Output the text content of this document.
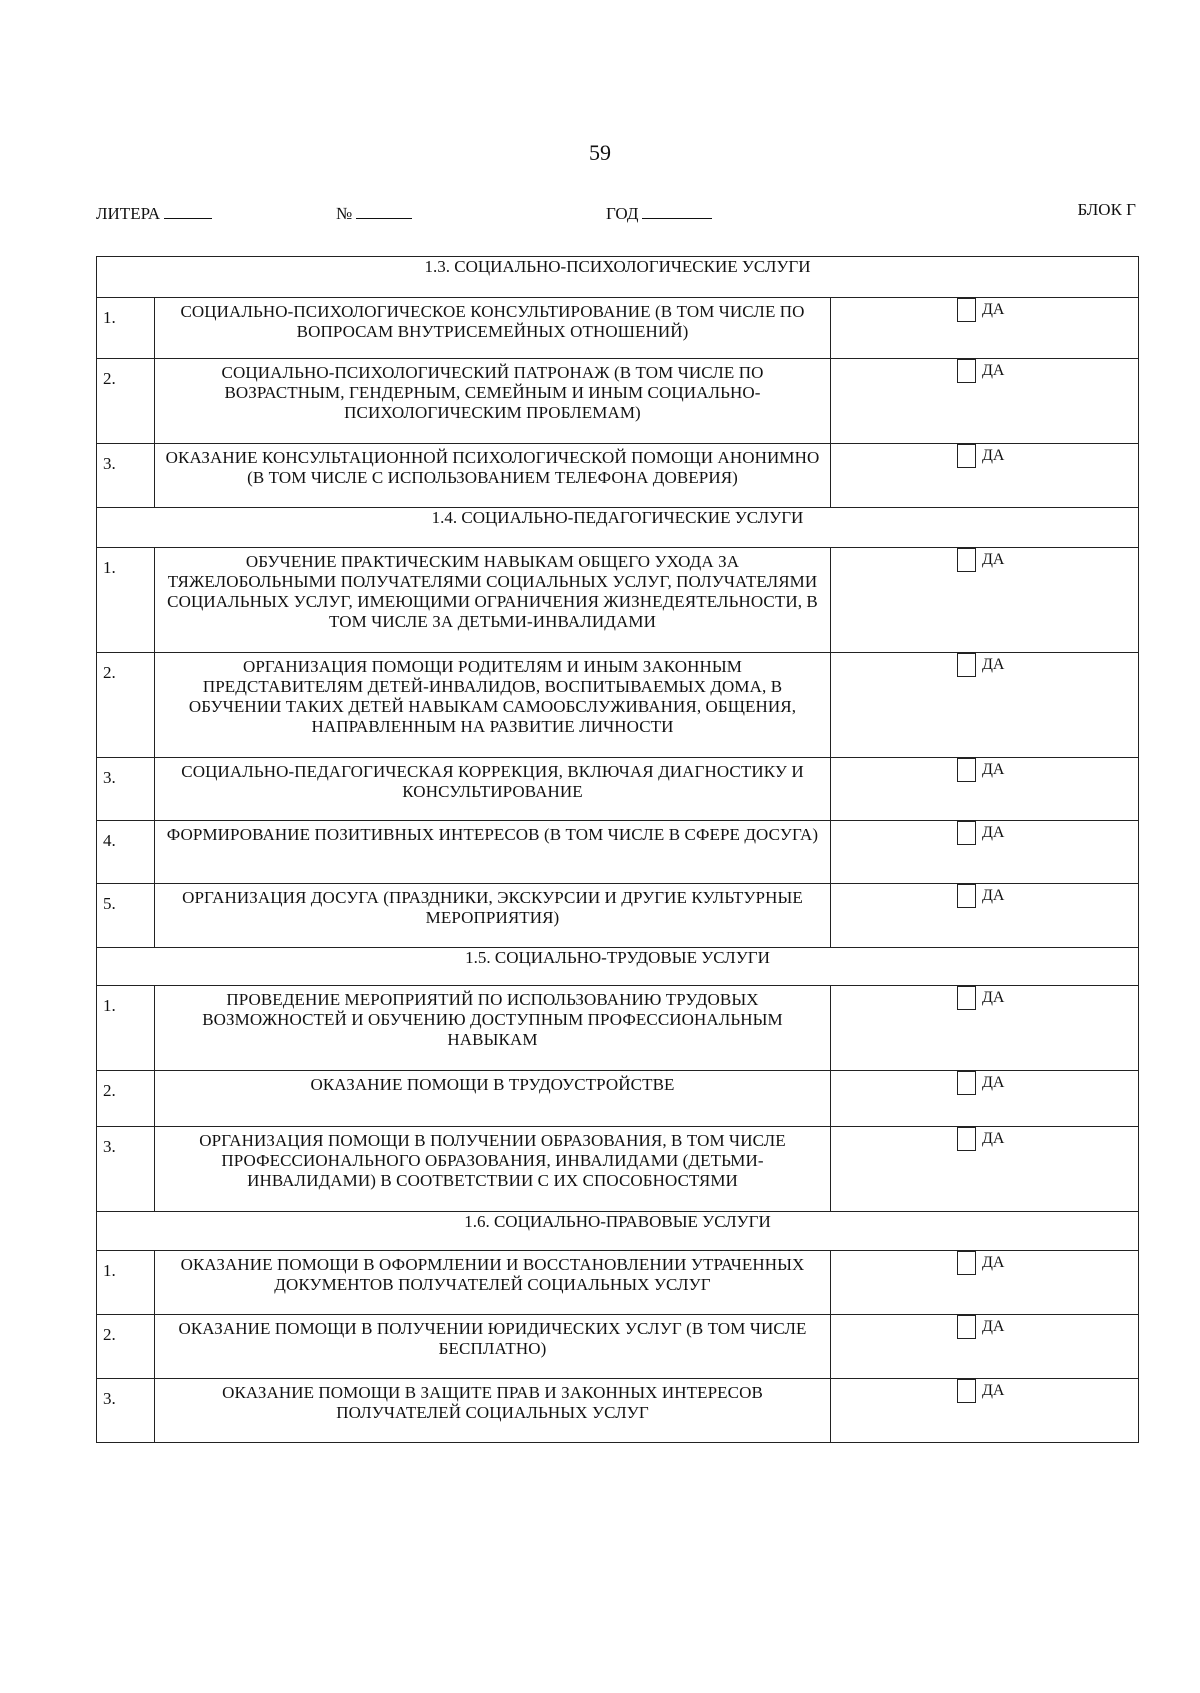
59
ЛИТЕРА	№	ГОД	БЛОК Г
1.3. СОЦИАЛЬНО-ПСИХОЛОГИЧЕСКИЕ УСЛУГИ		
1.	СОЦИАЛЬНО-ПСИХОЛОГИЧЕСКОЕ КОНСУЛЬТИРОВАНИЕ (В ТОМ ЧИСЛЕ ПО ВОПРОСАМ ВНУТРИСЕМЕЙНЫХ ОТНОШЕНИЙ)	ДА
2.	СОЦИАЛЬНО-ПСИХОЛОГИЧЕСКИЙ ПАТРОНАЖ (В ТОМ ЧИСЛЕ ПО ВОЗРАСТНЫМ, ГЕНДЕРНЫМ, СЕМЕЙНЫМ И ИНЫМ СОЦИАЛЬНО-ПСИХОЛОГИЧЕСКИМ ПРОБЛЕМАМ)	ДА
3.	ОКАЗАНИЕ КОНСУЛЬТАЦИОННОЙ ПСИХОЛОГИЧЕСКОЙ ПОМОЩИ АНОНИМНО (В ТОМ ЧИСЛЕ С ИСПОЛЬЗОВАНИЕМ ТЕЛЕФОНА ДОВЕРИЯ)	ДА
1.4. СОЦИАЛЬНО-ПЕДАГОГИЧЕСКИЕ УСЛУГИ		
1.	ОБУЧЕНИЕ ПРАКТИЧЕСКИМ НАВЫКАМ ОБЩЕГО УХОДА ЗА ТЯЖЕЛОБОЛЬНЫМИ ПОЛУЧАТЕЛЯМИ СОЦИАЛЬНЫХ УСЛУГ, ПОЛУЧАТЕЛЯМИ СОЦИАЛЬНЫХ УСЛУГ, ИМЕЮЩИМИ ОГРАНИЧЕНИЯ ЖИЗНЕДЕЯТЕЛЬНОСТИ, В ТОМ ЧИСЛЕ ЗА ДЕТЬМИ-ИНВАЛИДАМИ	ДА
2.	ОРГАНИЗАЦИЯ ПОМОЩИ РОДИТЕЛЯМ И ИНЫМ ЗАКОННЫМ ПРЕДСТАВИТЕЛЯМ ДЕТЕЙ-ИНВАЛИДОВ, ВОСПИТЫВАЕМЫХ ДОМА, В ОБУЧЕНИИ ТАКИХ ДЕТЕЙ НАВЫКАМ САМООБСЛУЖИВАНИЯ, ОБЩЕНИЯ, НАПРАВЛЕННЫМ НА РАЗВИТИЕ ЛИЧНОСТИ	ДА
3.	СОЦИАЛЬНО-ПЕДАГОГИЧЕСКАЯ КОРРЕКЦИЯ, ВКЛЮЧАЯ ДИАГНОСТИКУ И КОНСУЛЬТИРОВАНИЕ	ДА
4.	ФОРМИРОВАНИЕ ПОЗИТИВНЫХ ИНТЕРЕСОВ (В ТОМ ЧИСЛЕ В СФЕРЕ ДОСУГА)	ДА
5.	ОРГАНИЗАЦИЯ ДОСУГА (ПРАЗДНИКИ, ЭКСКУРСИИ И ДРУГИЕ КУЛЬТУРНЫЕ МЕРОПРИЯТИЯ)	ДА
1.5. СОЦИАЛЬНО-ТРУДОВЫЕ УСЛУГИ		
1.	ПРОВЕДЕНИЕ МЕРОПРИЯТИЙ ПО ИСПОЛЬЗОВАНИЮ ТРУДОВЫХ ВОЗМОЖНОСТЕЙ И ОБУЧЕНИЮ ДОСТУПНЫМ ПРОФЕССИОНАЛЬНЫМ НАВЫКАМ	ДА
2.	ОКАЗАНИЕ ПОМОЩИ В ТРУДОУСТРОЙСТВЕ	ДА
3.	ОРГАНИЗАЦИЯ ПОМОЩИ В ПОЛУЧЕНИИ ОБРАЗОВАНИЯ, В ТОМ ЧИСЛЕ ПРОФЕССИОНАЛЬНОГО ОБРАЗОВАНИЯ, ИНВАЛИДАМИ (ДЕТЬМИ-ИНВАЛИДАМИ) В СООТВЕТСТВИИ С ИХ СПОСОБНОСТЯМИ	ДА
1.6. СОЦИАЛЬНО-ПРАВОВЫЕ УСЛУГИ		
1.	ОКАЗАНИЕ ПОМОЩИ В ОФОРМЛЕНИИ И ВОССТАНОВЛЕНИИ УТРАЧЕННЫХ ДОКУМЕНТОВ ПОЛУЧАТЕЛЕЙ СОЦИАЛЬНЫХ УСЛУГ	ДА
2.	ОКАЗАНИЕ ПОМОЩИ В ПОЛУЧЕНИИ ЮРИДИЧЕСКИХ УСЛУГ (В ТОМ ЧИСЛЕ БЕСПЛАТНО)	ДА
3.	ОКАЗАНИЕ ПОМОЩИ В ЗАЩИТЕ ПРАВ И ЗАКОННЫХ ИНТЕРЕСОВ ПОЛУЧАТЕЛЕЙ СОЦИАЛЬНЫХ УСЛУГ	ДА
